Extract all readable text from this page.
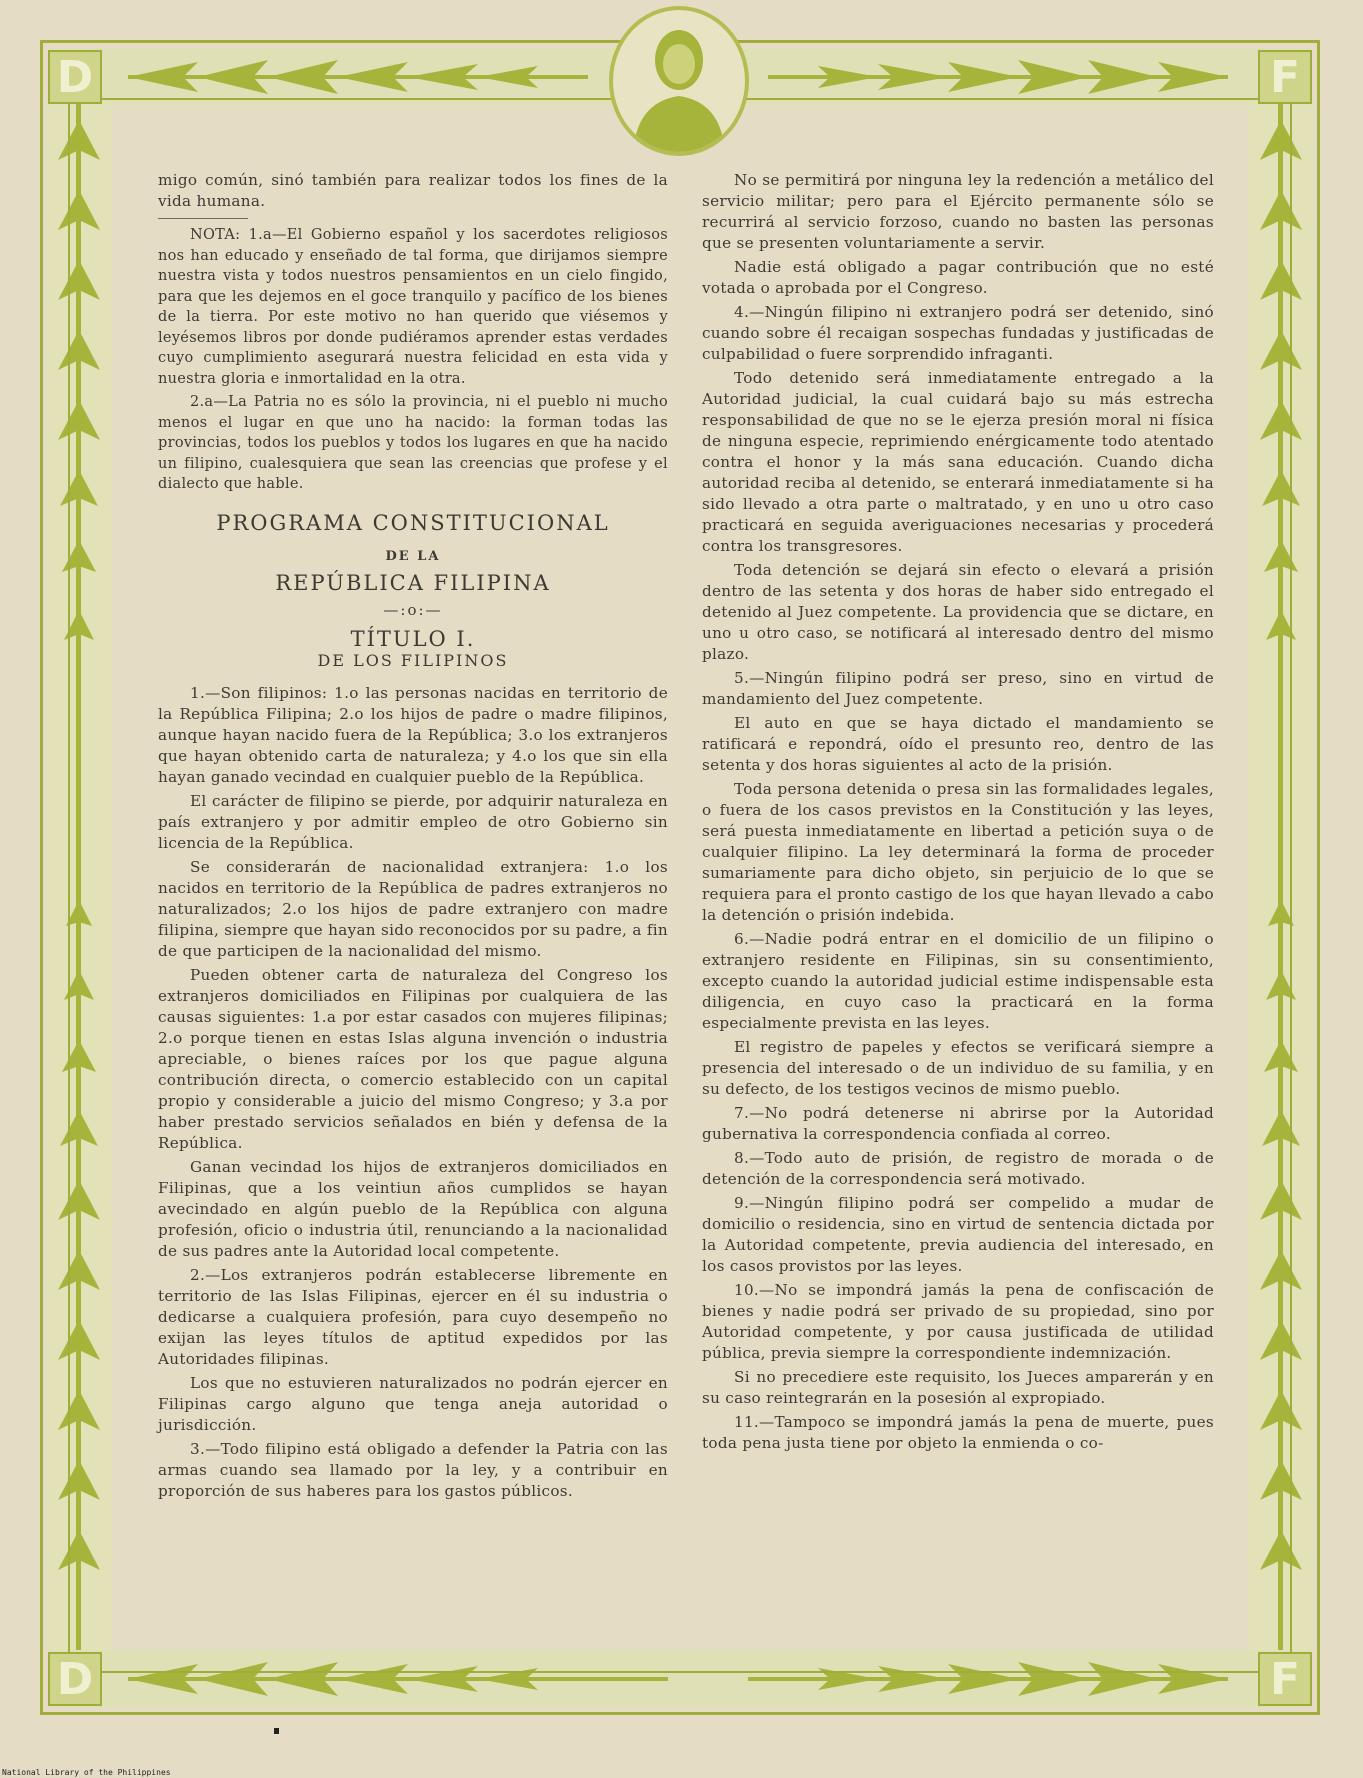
D	F
D	F

migo común, sinó también para realizar todos los fines de la vida humana.

NOTA: 1.a—El Gobierno español y los sacerdotes religiosos nos han educado y enseñado de tal forma, que dirijamos siempre nuestra vista y todos nuestros pensamientos en un cielo fingido, para que les dejemos en el goce tranquilo y pacífico de los bienes de la tierra. Por este motivo no han querido que viésemos y leyésemos libros por donde pudiéramos aprender estas verdades cuyo cumplimiento asegurará nuestra felicidad en esta vida y nuestra gloria e inmortalidad en la otra.

2.a—La Patria no es sólo la provincia, ni el pueblo ni mucho menos el lugar en que uno ha nacido: la forman todas las provincias, todos los pueblos y todos los lugares en que ha nacido un filipino, cualesquiera que sean las creencias que profese y el dialecto que hable.

PROGRAMA CONSTITUCIONAL

DE LA

REPÚBLICA FILIPINA

—:o:—

TÍTULO I.

DE LOS FILIPINOS

1.—Son filipinos: 1.o las personas nacidas en territorio de la República Filipina; 2.o los hijos de padre o madre filipinos, aunque hayan nacido fuera de la República; 3.o los extranjeros que hayan obtenido carta de naturaleza; y 4.o los que sin ella hayan ganado vecindad en cualquier pueblo de la República.

El carácter de filipino se pierde, por adquirir naturaleza en país extranjero y por admitir empleo de otro Gobierno sin licencia de la República.

Se considerarán de nacionalidad extranjera: 1.o los nacidos en territorio de la República de padres extranjeros no naturalizados; 2.o los hijos de padre extranjero con madre filipina, siempre que hayan sido reconocidos por su padre, a fin de que participen de la nacionalidad del mismo.

Pueden obtener carta de naturaleza del Congreso los extranjeros domiciliados en Filipinas por cualquiera de las causas siguientes: 1.a por estar casados con mujeres filipinas; 2.o porque tienen en estas Islas alguna invención o industria apreciable, o bienes raíces por los que pague alguna contribución directa, o comercio establecido con un capital propio y considerable a juicio del mismo Congreso; y 3.a por haber prestado servicios señalados en bién y defensa de la República.

Ganan vecindad los hijos de extranjeros domiciliados en Filipinas, que a los veintiun años cumplidos se hayan avecindado en algún pueblo de la República con alguna profesión, oficio o industria útil, renunciando a la nacionalidad de sus padres ante la Autoridad local competente.

2.—Los extranjeros podrán establecerse libremente en territorio de las Islas Filipinas, ejercer en él su industria o dedicarse a cualquiera profesión, para cuyo desempeño no exijan las leyes títulos de aptitud expedidos por las Autoridades filipinas.

Los que no estuvieren naturalizados no podrán ejercer en Filipinas cargo alguno que tenga aneja autoridad o jurisdicción.

3.—Todo filipino está obligado a defender la Patria con las armas cuando sea llamado por la ley, y a contribuir en proporción de sus haberes para los gastos públicos.

No se permitirá por ninguna ley la redención a metálico del servicio militar; pero para el Ejército permanente sólo se recurrirá al servicio forzoso, cuando no basten las personas que se presenten voluntariamente a servir.

Nadie está obligado a pagar contribución que no esté votada o aprobada por el Congreso.

4.—Ningún filipino ni extranjero podrá ser detenido, sinó cuando sobre él recaigan sospechas fundadas y justificadas de culpabilidad o fuere sorprendido infraganti.

Todo detenido será inmediatamente entregado a la Autoridad judicial, la cual cuidará bajo su más estrecha responsabilidad de que no se le ejerza presión moral ni física de ninguna especie, reprimiendo enérgicamente todo atentado contra el honor y la más sana educación. Cuando dicha autoridad reciba al detenido, se enterará inmediatamente si ha sido llevado a otra parte o maltratado, y en uno u otro caso practicará en seguida averiguaciones necesarias y procederá contra los transgresores.

Toda detención se dejará sin efecto o elevará a prisión dentro de las setenta y dos horas de haber sido entregado el detenido al Juez competente. La providencia que se dictare, en uno u otro caso, se notificará al interesado dentro del mismo plazo.

5.—Ningún filipino podrá ser preso, sino en virtud de mandamiento del Juez competente.

El auto en que se haya dictado el mandamiento se ratificará e repondrá, oído el presunto reo, dentro de las setenta y dos horas siguientes al acto de la prisión.

Toda persona detenida o presa sin las formalidades legales, o fuera de los casos previstos en la Constitución y las leyes, será puesta inmediatamente en libertad a petición suya o de cualquier filipino. La ley determinará la forma de proceder sumariamente para dicho objeto, sin perjuicio de lo que se requiera para el pronto castigo de los que hayan llevado a cabo la detención o prisión indebida.

6.—Nadie podrá entrar en el domicilio de un filipino o extranjero residente en Filipinas, sin su consentimiento, excepto cuando la autoridad judicial estime indispensable esta diligencia, en cuyo caso la practicará en la forma especialmente prevista en las leyes.

El registro de papeles y efectos se verificará siempre a presencia del interesado o de un individuo de su familia, y en su defecto, de los testigos vecinos de mismo pueblo.

7.—No podrá detenerse ni abrirse por la Autoridad gubernativa la correspondencia confiada al correo.

8.—Todo auto de prisión, de registro de morada o de detención de la correspondencia será motivado.

9.—Ningún filipino podrá ser compelido a mudar de domicilio o residencia, sino en virtud de sentencia dictada por la Autoridad competente, previa audiencia del interesado, en los casos provistos por las leyes.

10.—No se impondrá jamás la pena de confiscación de bienes y nadie podrá ser privado de su propiedad, sino por Autoridad competente, y por causa justificada de utilidad pública, previa siempre la correspondiente indemnización.

Si no precediere este requisito, los Jueces amparerán y en su caso reintegrarán en la posesión al expropiado.

11.—Tampoco se impondrá jamás la pena de muerte, pues toda pena justa tiene por objeto la enmienda o co-

National Library of the Philippines
